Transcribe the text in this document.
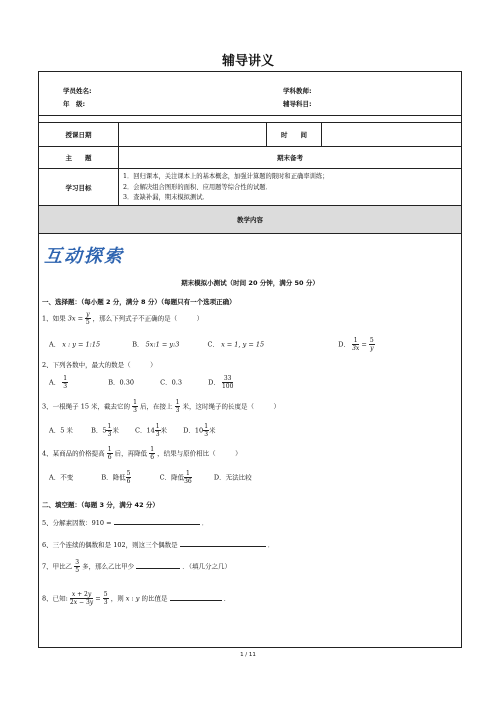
辅导讲义
学员姓名:
年　级:
学科教师:
辅导科目:
授课日期	时　　间
主　　题	期末备考
学习目标
1．回归课本，关注课本上的基本概念，加强计算题的限时和正确率训练；
2．会解决组合图形的面积、应用题等综合性的试题．
3．查缺补漏，期末模拟测试．
教学内容
互动探索
期末模拟小测试（时间 20 分钟，满分 50 分）
一、选择题：（每小题 2 分，满分 8 分）（每题只有一个选项正确）
1、如果 $3x = \frac{y}{5}$ ，那么下列式子不正确的是（　　　）
A． x : y = 1:15	B． 5x:1 = y:3	C． x = 1, y = 15	D． $\frac{1}{3x} = \frac{5}{y}$
2、下列各数中，最大的数是（　　　）
A． $\frac{1}{3}$	B．0.30̇	C．0.3	D． $\frac{33}{100}$
3、一根绳子 15 米，截去它的 $\frac{1}{3}$ 后，在接上 $\frac{1}{3}$ 米，这时绳子的长度是（　　　）
A．5 米	B．$5 \frac{1}{3}$ 米 C．$14 \frac{1}{3}$ 米 D．$10 \frac{1}{3}$ 米
4、某商品的价格提高 $\frac{1}{6}$ 后，再降低 $\frac{1}{6}$ ，结果与原价相比（　　　）
A．不变	B．降低 $\frac{5}{6}$	C．降低 $\frac{1}{36}$	D．无法比较
二、填空题：（每题 3 分，满分 42 分）
5、分解素因数：910 =	．
6、三个连续的偶数和是 102，则这三个偶数是	．
7、甲比乙 $\frac{3}{5}$ 多，那么乙比甲少	．（填几分之几）
8、已知: $\frac{x + 2y}{2x - 3y} = \frac{5}{3}$ ，则 x : y 的比值是	．
1 / 11
